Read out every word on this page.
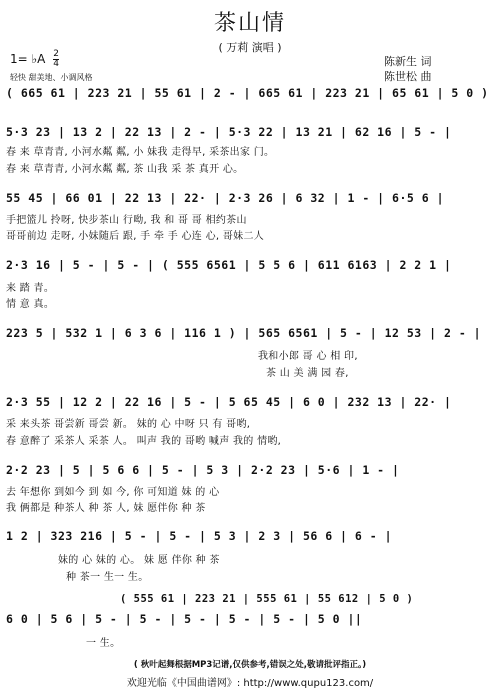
茶山情
( 万莉 演唱 )
陈新生 词
陈世松 曲
1= ♭A $\frac{2}{4}$
轻快 甜美地、小调风格
( 665 61 | 223 21 | 55 61 | 2 - | 665 61 | 223 21 | 65 61 | 5 0 )
5·3 23 | 13 2 | 22 13 | 2 - | 5·3 22 | 13 21 | 62 16 | 5 - |
春 来 草青青, 小河水粼 粼, 小 妹我 走得早, 采茶出家 门。
春 来 草青青, 小河水粼 粼, 茶 山我 采 茶 真开 心。
55 45 | 66 01 | 22 13 | 22· | 2·3 26 | 6 32 | 1 - | 6·5 6 |
手把篮儿 拎呀, 快步茶山 行呦, 我 和 哥 哥 相约茶山
哥哥前边 走呀, 小妹随后 跟, 手 牵 手 心连 心, 哥妹二人
2·3 16 | 5 - | 5 - | ( 555 6561 | 5 5 6 | 611 6163 | 2 2 1 |
来 踏 青。
情 意 真。
223 5 | 532 1 | 6 3 6 | 116 1 ) | 565 6561 | 5 - | 12 53 | 2 - |
我和小郎 哥 心 相 印,
茶 山 美 满 园 春,
2·3 55 | 12 2 | 22 16 | 5 - | 5 65 45 | 6 0 | 232 13 | 22· |
采 来头茶 哥尝新 哥尝 新。 妹的 心 中呀 只 有 哥哟,
春 意醉了 采茶人 采茶 人。 叫声 我的 哥哟 喊声 我的 情哟,
2·2 23 | 5 | 5 6 6 | 5 - | 5 3 | 2·2 23 | 5·6 | 1 - |
去 年想你 到如今 到 如 今, 你 可知道 妹 的 心
我 俩都是 种茶人 种 茶 人, 妹 愿伴你 种 茶
1 2 | 323 216 | 5 - | 5 - | 5 3 | 2 3 | 56 6 | 6 - |
妹的 心 妹的 心。 妹 愿 伴你 种 茶
种 茶一 生一 生。
( 555 61 | 223 21 | 555 61 | 55 612 | 5 0 )
6 0 | 5 6 | 5 - | 5 - | 5 - | 5 - | 5 - | 5 0 ||
一 生。
( 秋叶起舞根据MP3记谱,仅供参考,错误之处,敬请批评指正。)
欢迎光临《中国曲谱网》: http://www.qupu123.com/
